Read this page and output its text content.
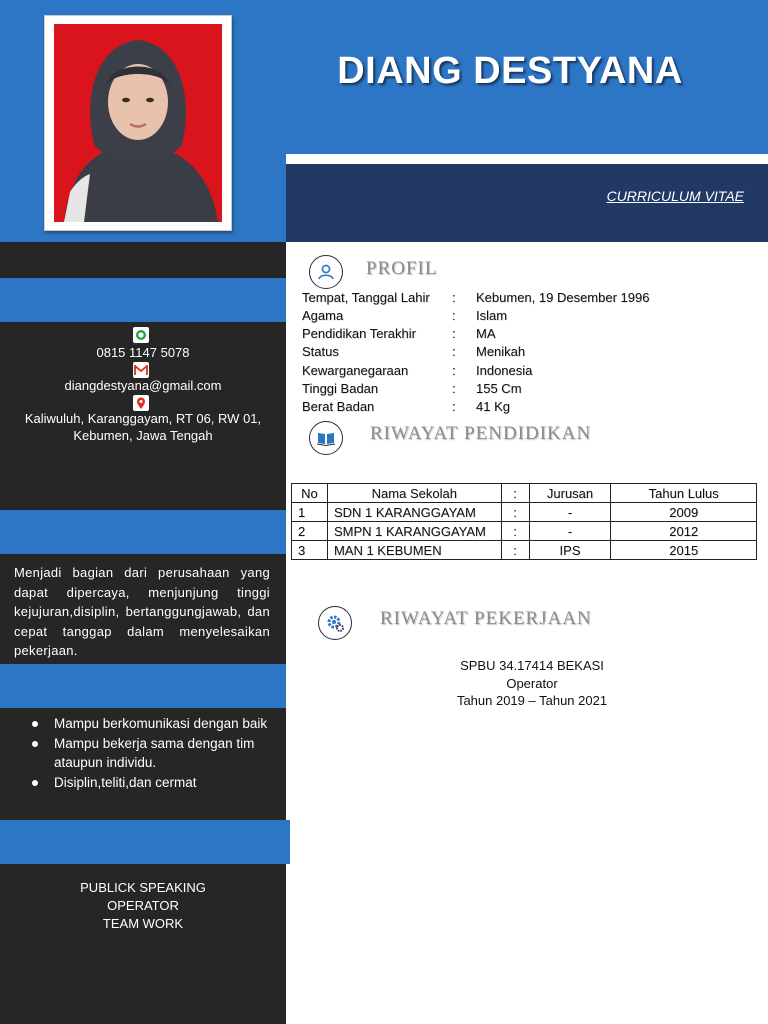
DIANG DESTYANA
CURRICULUM VITAE
0815 1147 5078
diangdestyana@gmail.com
Kaliwuluh, Karanggayam, RT 06, RW 01,
Kebumen, Jawa Tengah
Menjadi bagian dari perusahaan yang dapat dipercaya, menjunjung tinggi kejujuran,disiplin, bertanggungjawab, dan cepat tanggap dalam menyelesaikan pekerjaan.
Mampu berkomunikasi dengan baik
Mampu bekerja sama dengan tim ataupun individu.
Disiplin,teliti,dan cermat
PUBLICK SPEAKING
OPERATOR
TEAM WORK
PROFIL
Tempat, Tanggal Lahir	:	Kebumen, 19 Desember 1996
Agama	:	Islam
Pendidikan Terakhir	:	MA
Status	:	Menikah
Kewarganegaraan	:	Indonesia
Tinggi Badan	:	155 Cm
Berat Badan	:	41 Kg
RIWAYAT PENDIDIKAN
No	Nama Sekolah	:	Jurusan	Tahun Lulus
1	SDN 1 KARANGGAYAM	:	-	2009
2	SMPN 1 KARANGGAYAM	:	-	2012
3	MAN 1 KEBUMEN	:	IPS	2015
RIWAYAT PEKERJAAN
SPBU 34.17414 BEKASI
Operator
Tahun 2019 – Tahun 2021
